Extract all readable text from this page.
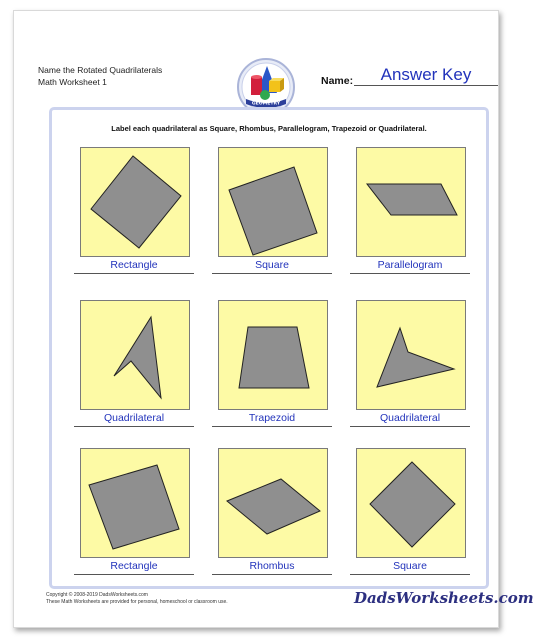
Name the Rotated Quadrilaterals
Math Worksheet 1
GEOMETRY
Name:	Answer Key
Label each quadrilateral as Square, Rhombus, Parallelogram, Trapezoid or Quadrilateral.
Rectangle	Square	Parallelogram
Quadrilateral	Trapezoid	Quadrilateral
Rectangle	Rhombus	Square
Copyright © 2008-2019 DadsWorksheets.com
These Math Worksheets are provided for personal, homeschool or classroom use.	DadsWorksheets.com
